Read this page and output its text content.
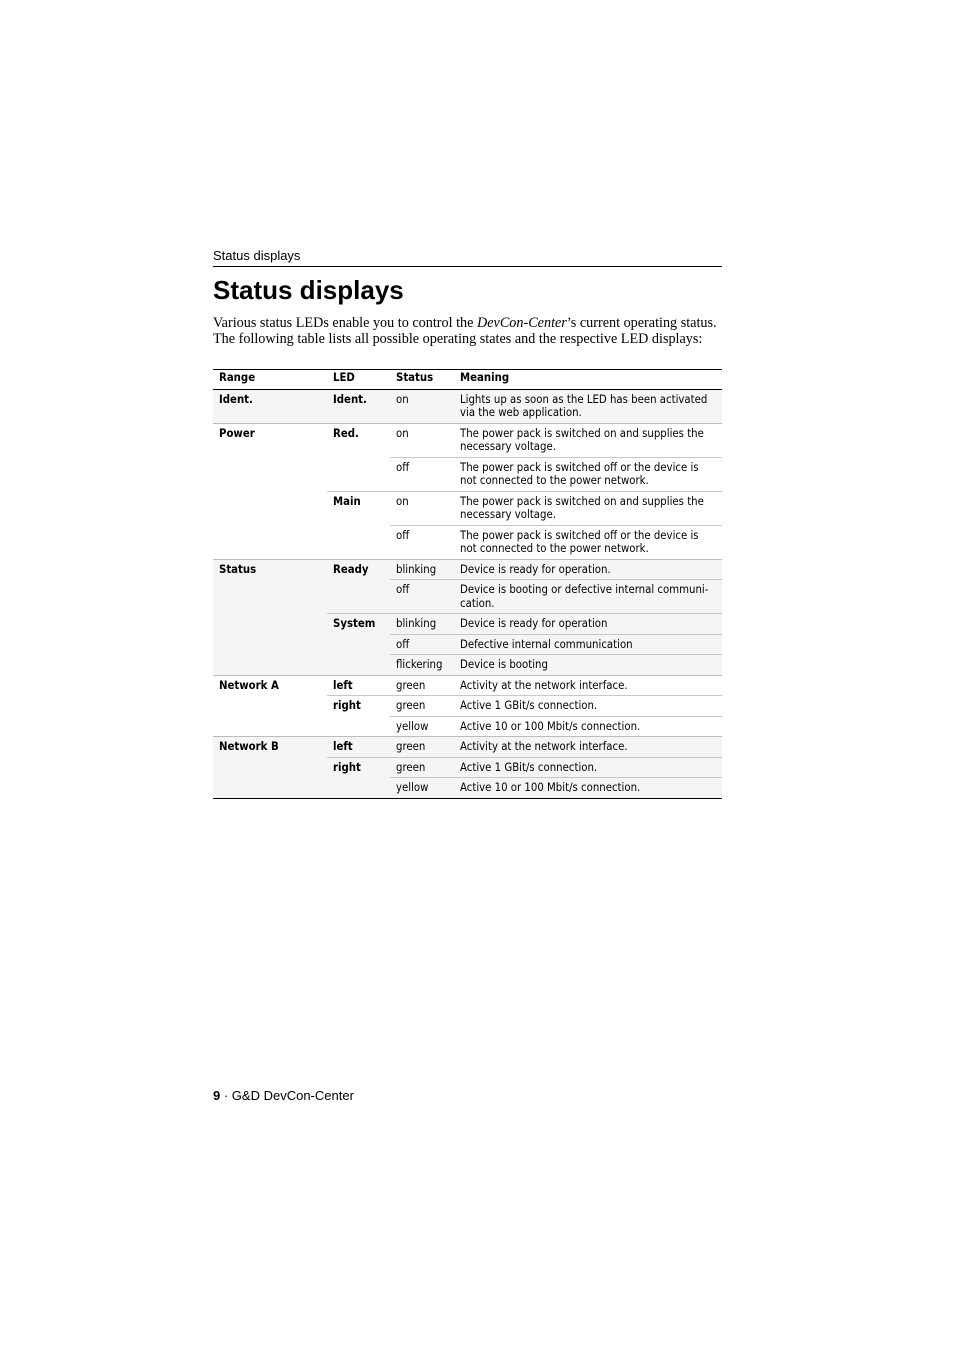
Status displays
Status displays

Various status LEDs enable you to control the DevCon-Center’s current operating status.
The following table lists all possible operating states and the respective LED displays:

Range	LED	Status	Meaning
Ident.	Ident.	on	Lights up as soon as the LED has been activated via the web application.
Power	Red.	on	The power pack is switched on and supplies the necessary voltage.
		off	The power pack is switched off or the device is not connected to the power network.
	Main	on	The power pack is switched on and supplies the necessary voltage.
		off	The power pack is switched off or the device is not connected to the power network.
Status	Ready	blinking	Device is ready for operation.
		off	Device is booting or defective internal communi-cation.
	System	blinking	Device is ready for operation
		off	Defective internal communication
		flickering	Device is booting
Network A	left	green	Activity at the network interface.
	right	green	Active 1 GBit/s connection.
		yellow	Active 10 or 100 Mbit/s connection.
Network B	left	green	Activity at the network interface.
	right	green	Active 1 GBit/s connection.
		yellow	Active 10 or 100 Mbit/s connection.
9 · G&D DevCon-Center
